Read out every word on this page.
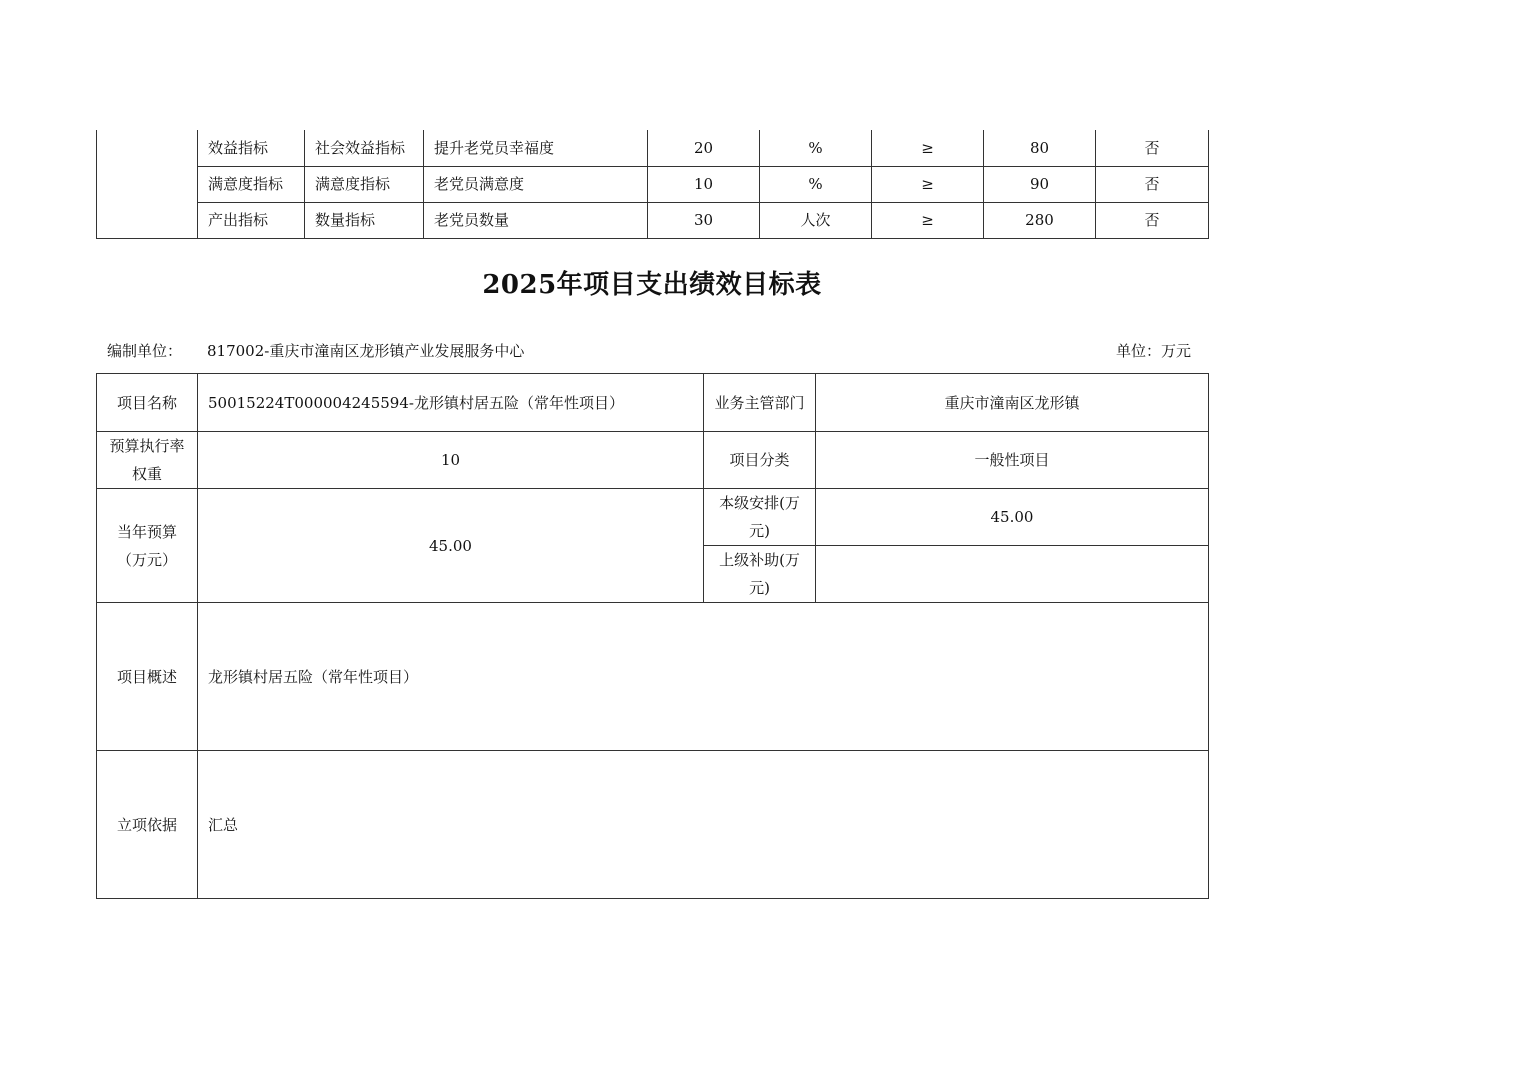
	效益指标	社会效益指标	提升老党员幸福度	20	%	≥	80	否
	满意度指标	满意度指标	老党员满意度	10	%	≥	90	否
	产出指标	数量指标	老党员数量	30	人次	≥	280	否
2025年项目支出绩效目标表
编制单位： 817002-重庆市潼南区龙形镇产业发展服务中心	单位：万元
项目名称	50015224T000004245594-龙形镇村居五险（常年性项目）	业务主管部门	重庆市潼南区龙形镇
预算执行率权重	10	项目分类	一般性项目
当年预算（万元）	45.00	本级安排(万元)	45.00
		上级补助(万元)	
项目概述	龙形镇村居五险（常年性项目）		
立项依据	汇总		
